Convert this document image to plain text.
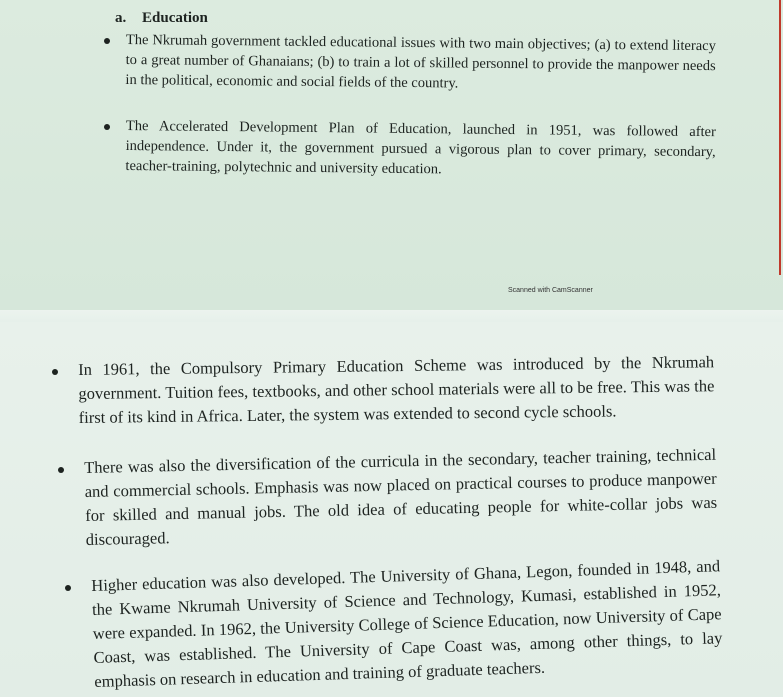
a. Education
The Nkrumah government tackled educational issues with two main objectives; (a) to extend literacy to a great number of Ghanaians; (b) to train a lot of skilled personnel to provide the manpower needs in the political, economic and social fields of the country.
The Accelerated Development Plan of Education, launched in 1951, was followed after independence. Under it, the government pursued a vigorous plan to cover primary, secondary, teacher-training, polytechnic and university education.
Scanned with CamScanner
In 1961, the Compulsory Primary Education Scheme was introduced by the Nkrumah government. Tuition fees, textbooks, and other school materials were all to be free. This was the first of its kind in Africa. Later, the system was extended to second cycle schools.
There was also the diversification of the curricula in the secondary, teacher training, technical and commercial schools. Emphasis was now placed on practical courses to produce manpower for skilled and manual jobs. The old idea of educating people for white-collar jobs was discouraged.
Higher education was also developed. The University of Ghana, Legon, founded in 1948, and the Kwame Nkrumah University of Science and Technology, Kumasi, established in 1952, were expanded. In 1962, the University College of Science Education, now University of Cape Coast, was established. The University of Cape Coast was, among other things, to lay emphasis on research in education and training of graduate teachers.
